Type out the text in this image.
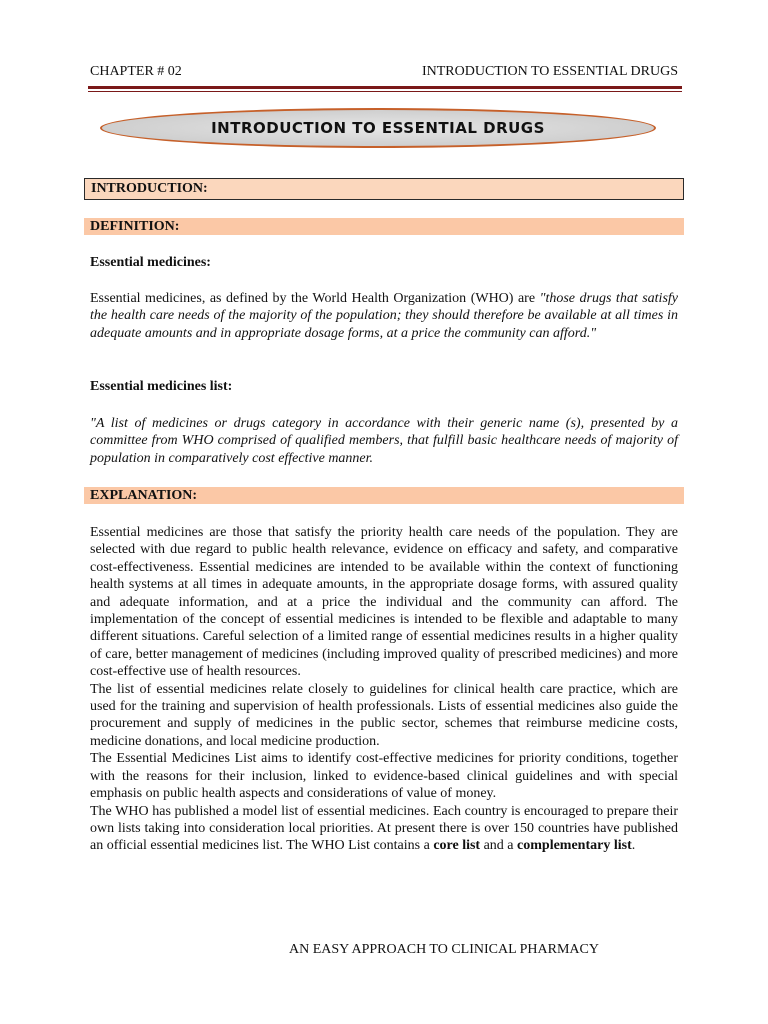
CHAPTER # 02	INTRODUCTION TO ESSENTIAL DRUGS
INTRODUCTION TO ESSENTIAL DRUGS
INTRODUCTION:
DEFINITION:
Essential medicines:

Essential medicines, as defined by the World Health Organization (WHO) are "those drugs that satisfy the health care needs of the majority of the population; they should therefore be available at all times in adequate amounts and in appropriate dosage forms, at a price the community can afford."

Essential medicines list:

"A list of medicines or drugs category in accordance with their generic name (s), presented by a committee from WHO comprised of qualified members, that fulfill basic healthcare needs of majority of population in comparatively cost effective manner.

EXPLANATION:
Essential medicines are those that satisfy the priority health care needs of the population. They are selected with due regard to public health relevance, evidence on efficacy and safety, and comparative cost-effectiveness. Essential medicines are intended to be available within the context of functioning health systems at all times in adequate amounts, in the appropriate dosage forms, with assured quality and adequate information, and at a price the individual and the community can afford. The implementation of the concept of essential medicines is intended to be flexible and adaptable to many different situations. Careful selection of a limited range of essential medicines results in a higher quality of care, better management of medicines (including improved quality of prescribed medicines) and more cost-effective use of health resources.
The list of essential medicines relate closely to guidelines for clinical health care practice, which are used for the training and supervision of health professionals. Lists of essential medicines also guide the procurement and supply of medicines in the public sector, schemes that reimburse medicine costs, medicine donations, and local medicine production.
The Essential Medicines List aims to identify cost-effective medicines for priority conditions, together with the reasons for their inclusion, linked to evidence-based clinical guidelines and with special emphasis on public health aspects and considerations of value of money.
The WHO has published a model list of essential medicines. Each country is encouraged to prepare their own lists taking into consideration local priorities. At present there is over 150 countries have published an official essential medicines list. The WHO List contains a core list and a complementary list.
AN EASY APPROACH TO CLINICAL PHARMACY
